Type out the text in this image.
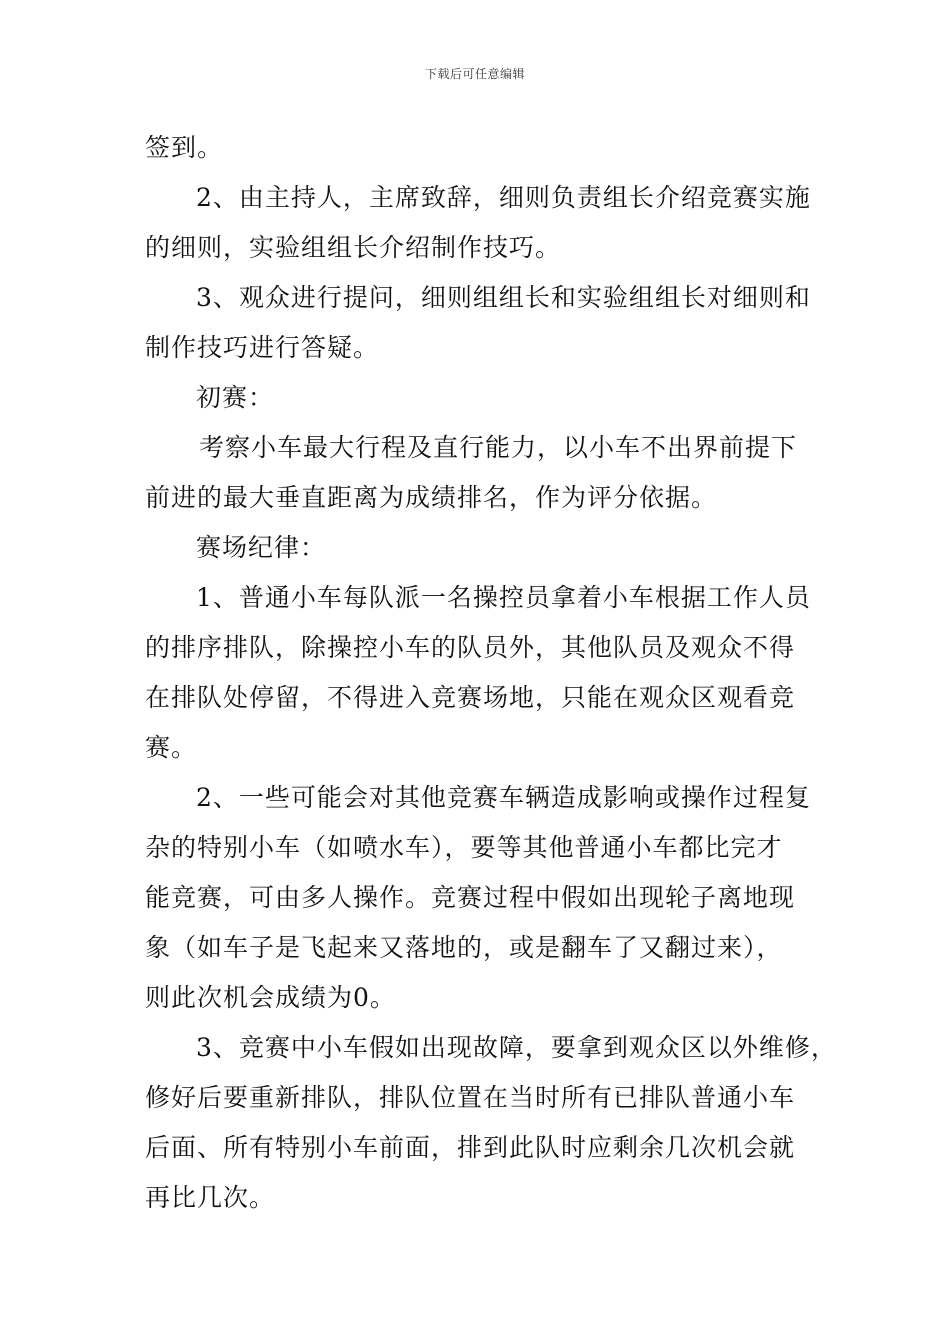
下载后可任意编辑

签到。

2、由主持人，主席致辞，细则负责组长介绍竞赛实施

的细则，实验组组长介绍制作技巧。

3、观众进行提问，细则组组长和实验组组长对细则和

制作技巧进行答疑。

初赛：

考察小车最大行程及直行能力，以小车不出界前提下

前进的最大垂直距离为成绩排名，作为评分依据。

赛场纪律：

1、普通小车每队派一名操控员拿着小车根据工作人员

的排序排队，除操控小车的队员外，其他队员及观众不得

在排队处停留，不得进入竞赛场地，只能在观众区观看竞

赛。

2、一些可能会对其他竞赛车辆造成影响或操作过程复

杂的特别小车（如喷水车），要等其他普通小车都比完才

能竞赛，可由多人操作。竞赛过程中假如出现轮子离地现

象（如车子是飞起来又落地的，或是翻车了又翻过来），

则此次机会成绩为0。

3、竞赛中小车假如出现故障，要拿到观众区以外维修，

修好后要重新排队，排队位置在当时所有已排队普通小车

后面、所有特别小车前面，排到此队时应剩余几次机会就

再比几次。
